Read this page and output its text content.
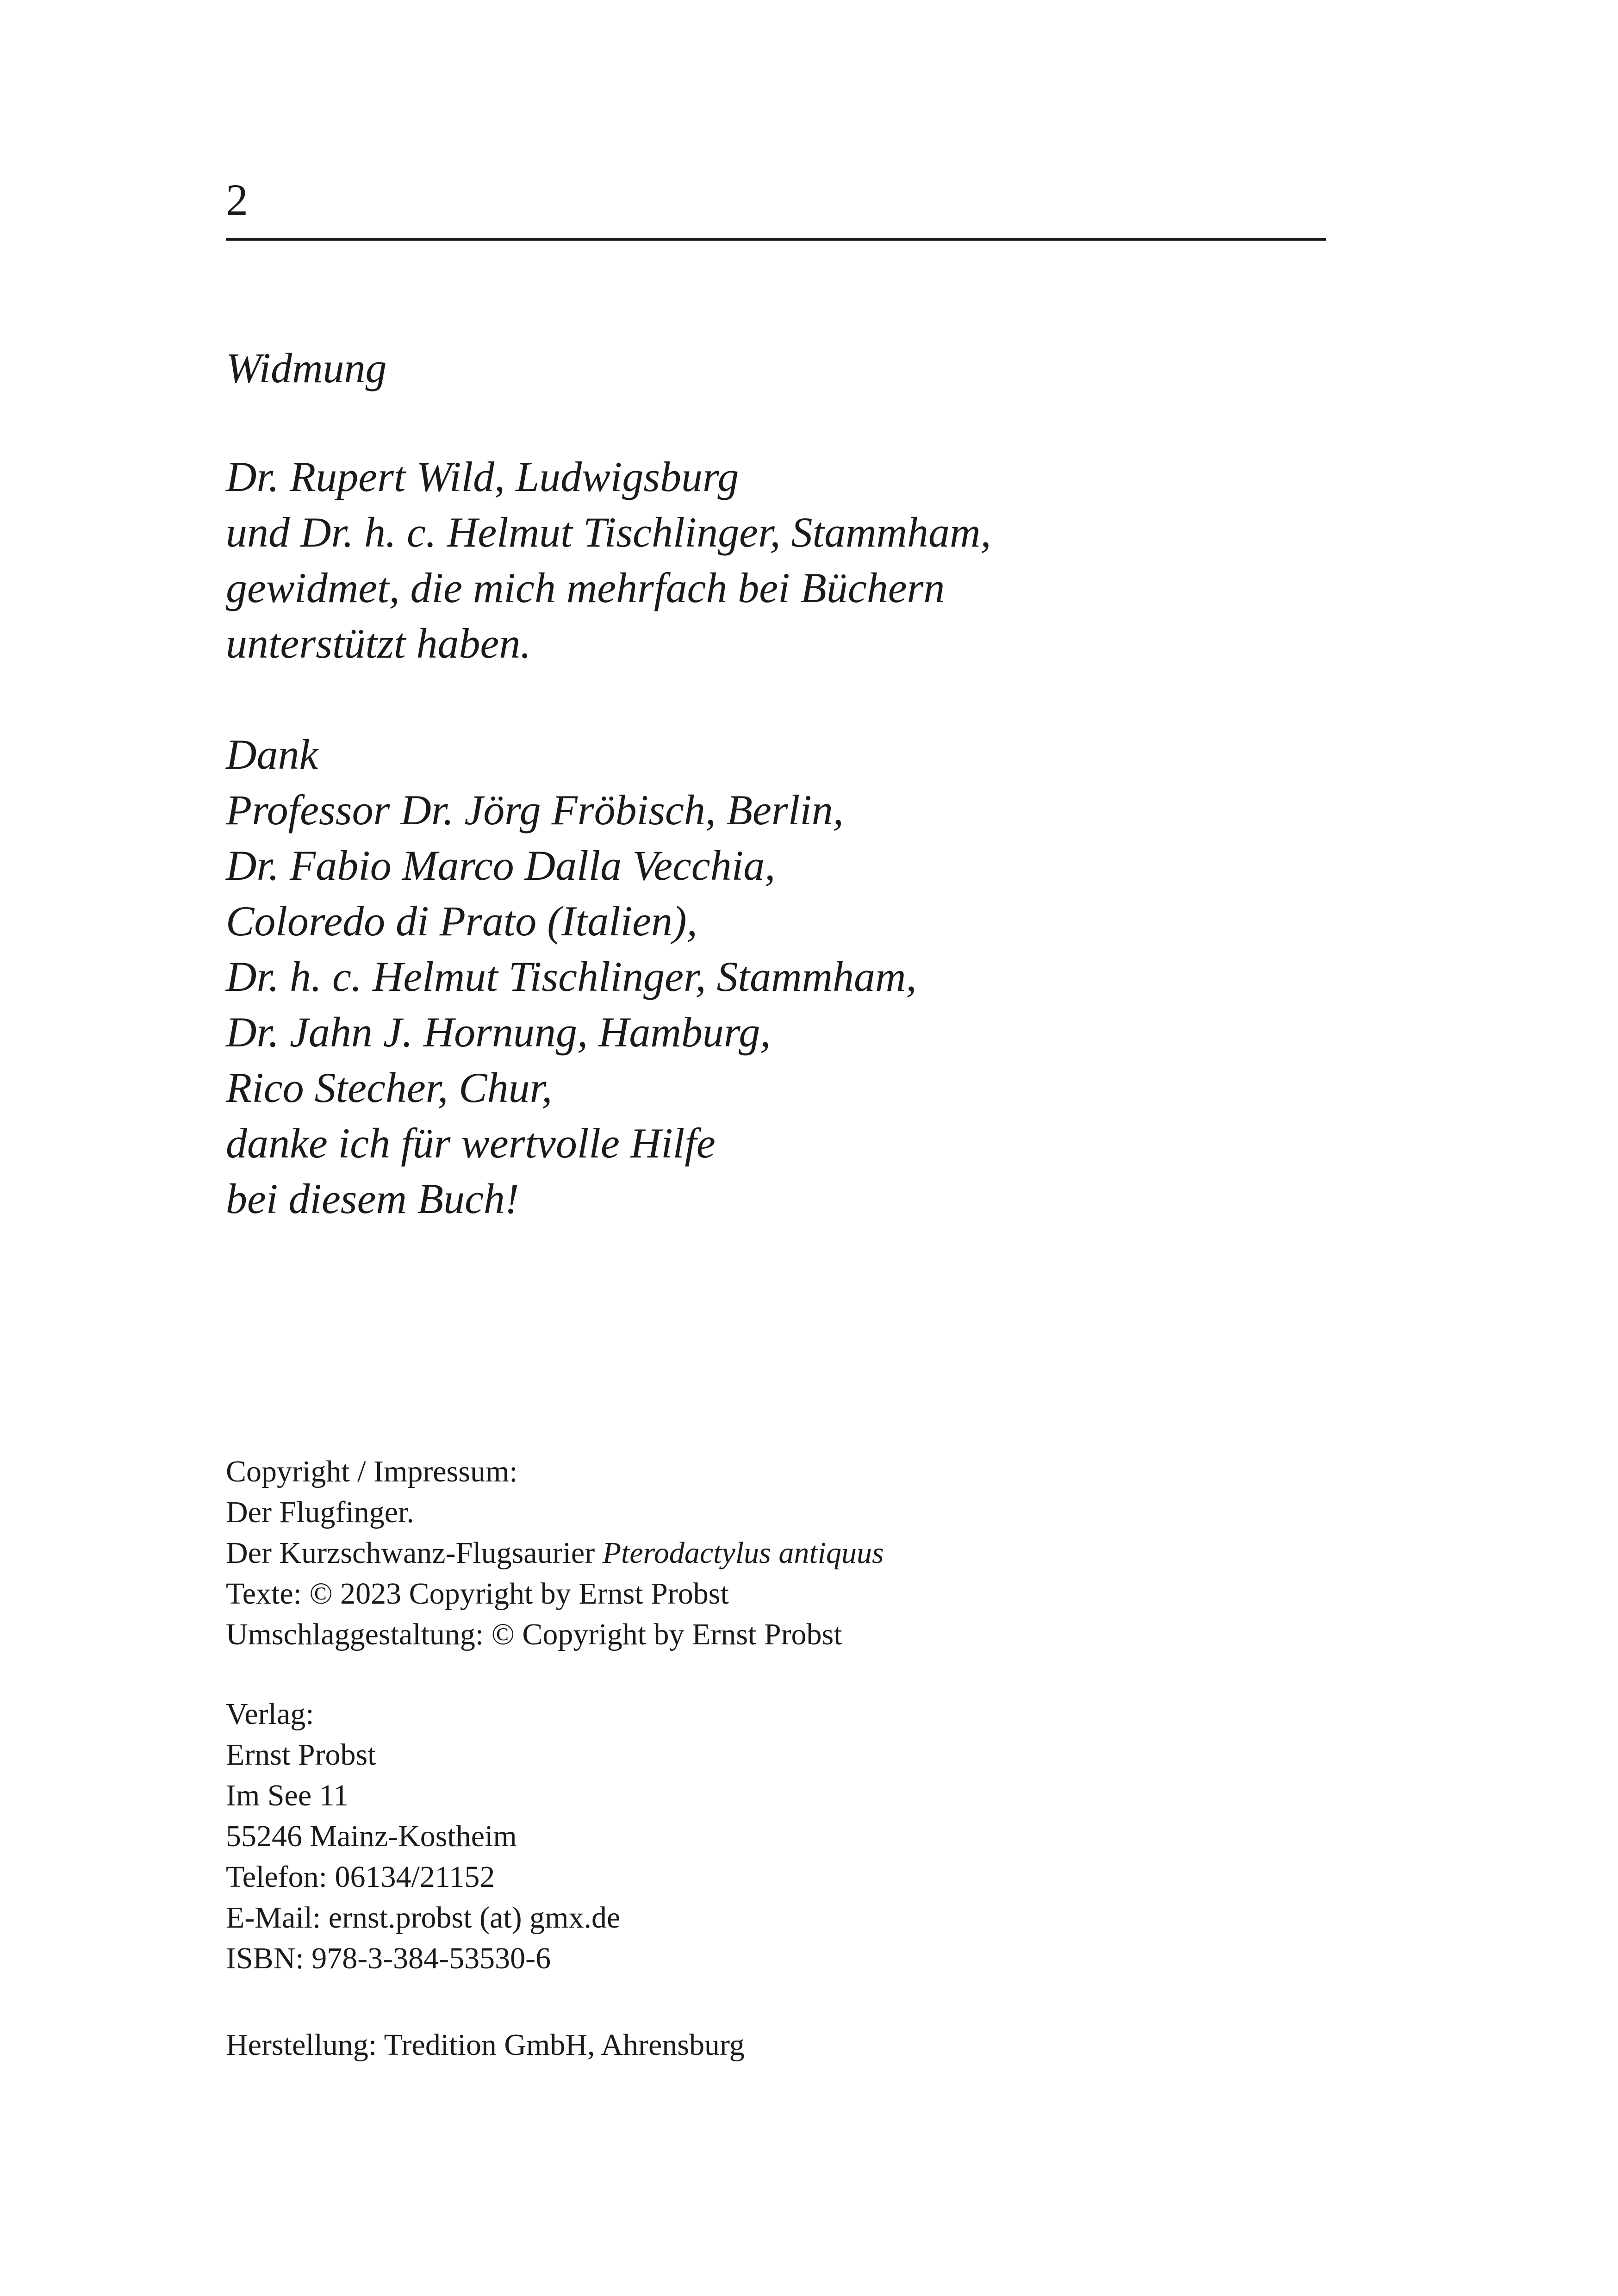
2
Widmung
Dr. Rupert Wild, Ludwigsburg
und Dr. h. c. Helmut Tischlinger, Stammham,
gewidmet, die mich mehrfach bei Büchern
unterstützt haben.
Dank
Professor Dr. Jörg Fröbisch, Berlin,
Dr. Fabio Marco Dalla Vecchia,
Coloredo di Prato (Italien),
Dr. h. c. Helmut Tischlinger, Stammham,
Dr. Jahn J. Hornung, Hamburg,
Rico Stecher, Chur,
danke ich für wertvolle Hilfe
bei diesem Buch!
Copyright / Impressum:
Der Flugfinger.
Der Kurzschwanz-Flugsaurier Pterodactylus antiquus
Texte: © 2023 Copyright by Ernst Probst
Umschlaggestaltung: © Copyright by Ernst Probst
Verlag:
Ernst Probst
Im See 11
55246 Mainz-Kostheim
Telefon: 06134/21152
E-Mail: ernst.probst (at) gmx.de
ISBN: 978-3-384-53530-6
Herstellung: Tredition GmbH, Ahrensburg
